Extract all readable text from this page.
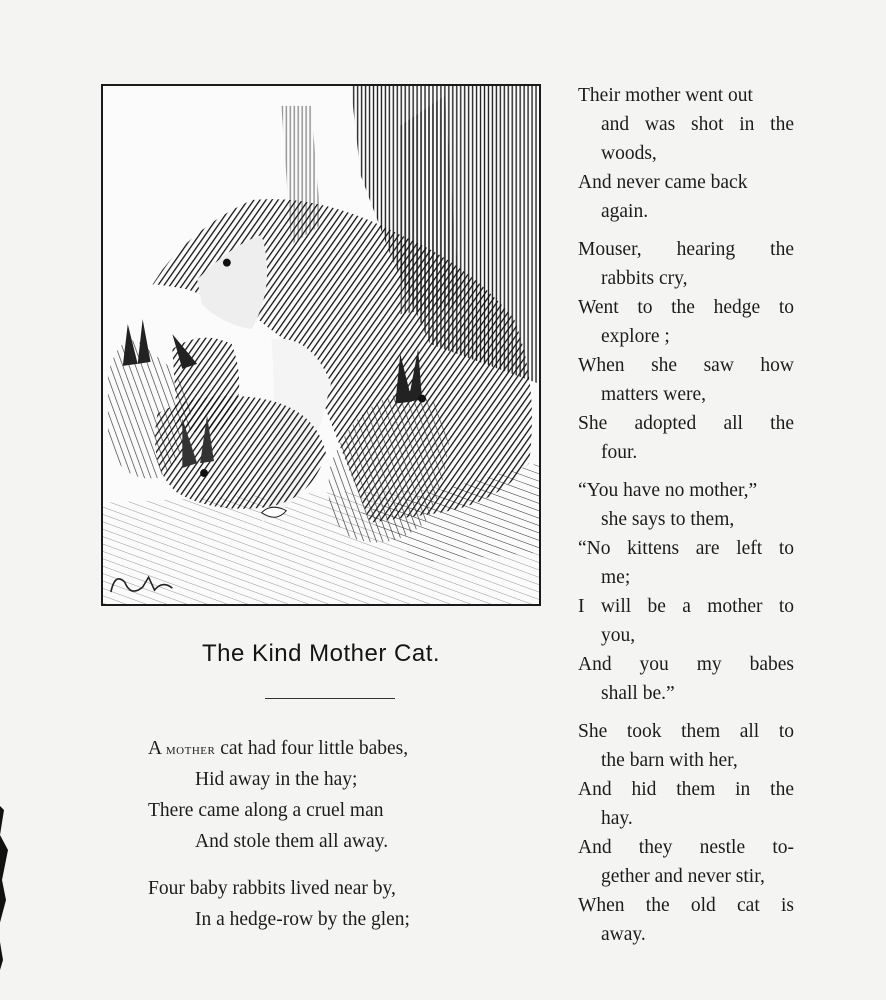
The Kind Mother Cat.
A mother cat had four little babes,
Hid away in the hay;
There came along a cruel man
And stole them all away.
Four baby rabbits lived near by,
In a hedge-row by the glen;
Their mother went out
and was shot in the
woods,
And never came back
again.
Mouser, hearing the
rabbits cry,
Went to the hedge to
explore ;
When she saw how
matters were,
She adopted all the
four.
“You have no mother,”
she says to them,
“No kittens are left to
me;
I will be a mother to
you,
And you my babes
shall be.”
She took them all to
the barn with her,
And hid them in the
hay.
And they nestle to-
gether and never stir,
When the old cat is
away.
